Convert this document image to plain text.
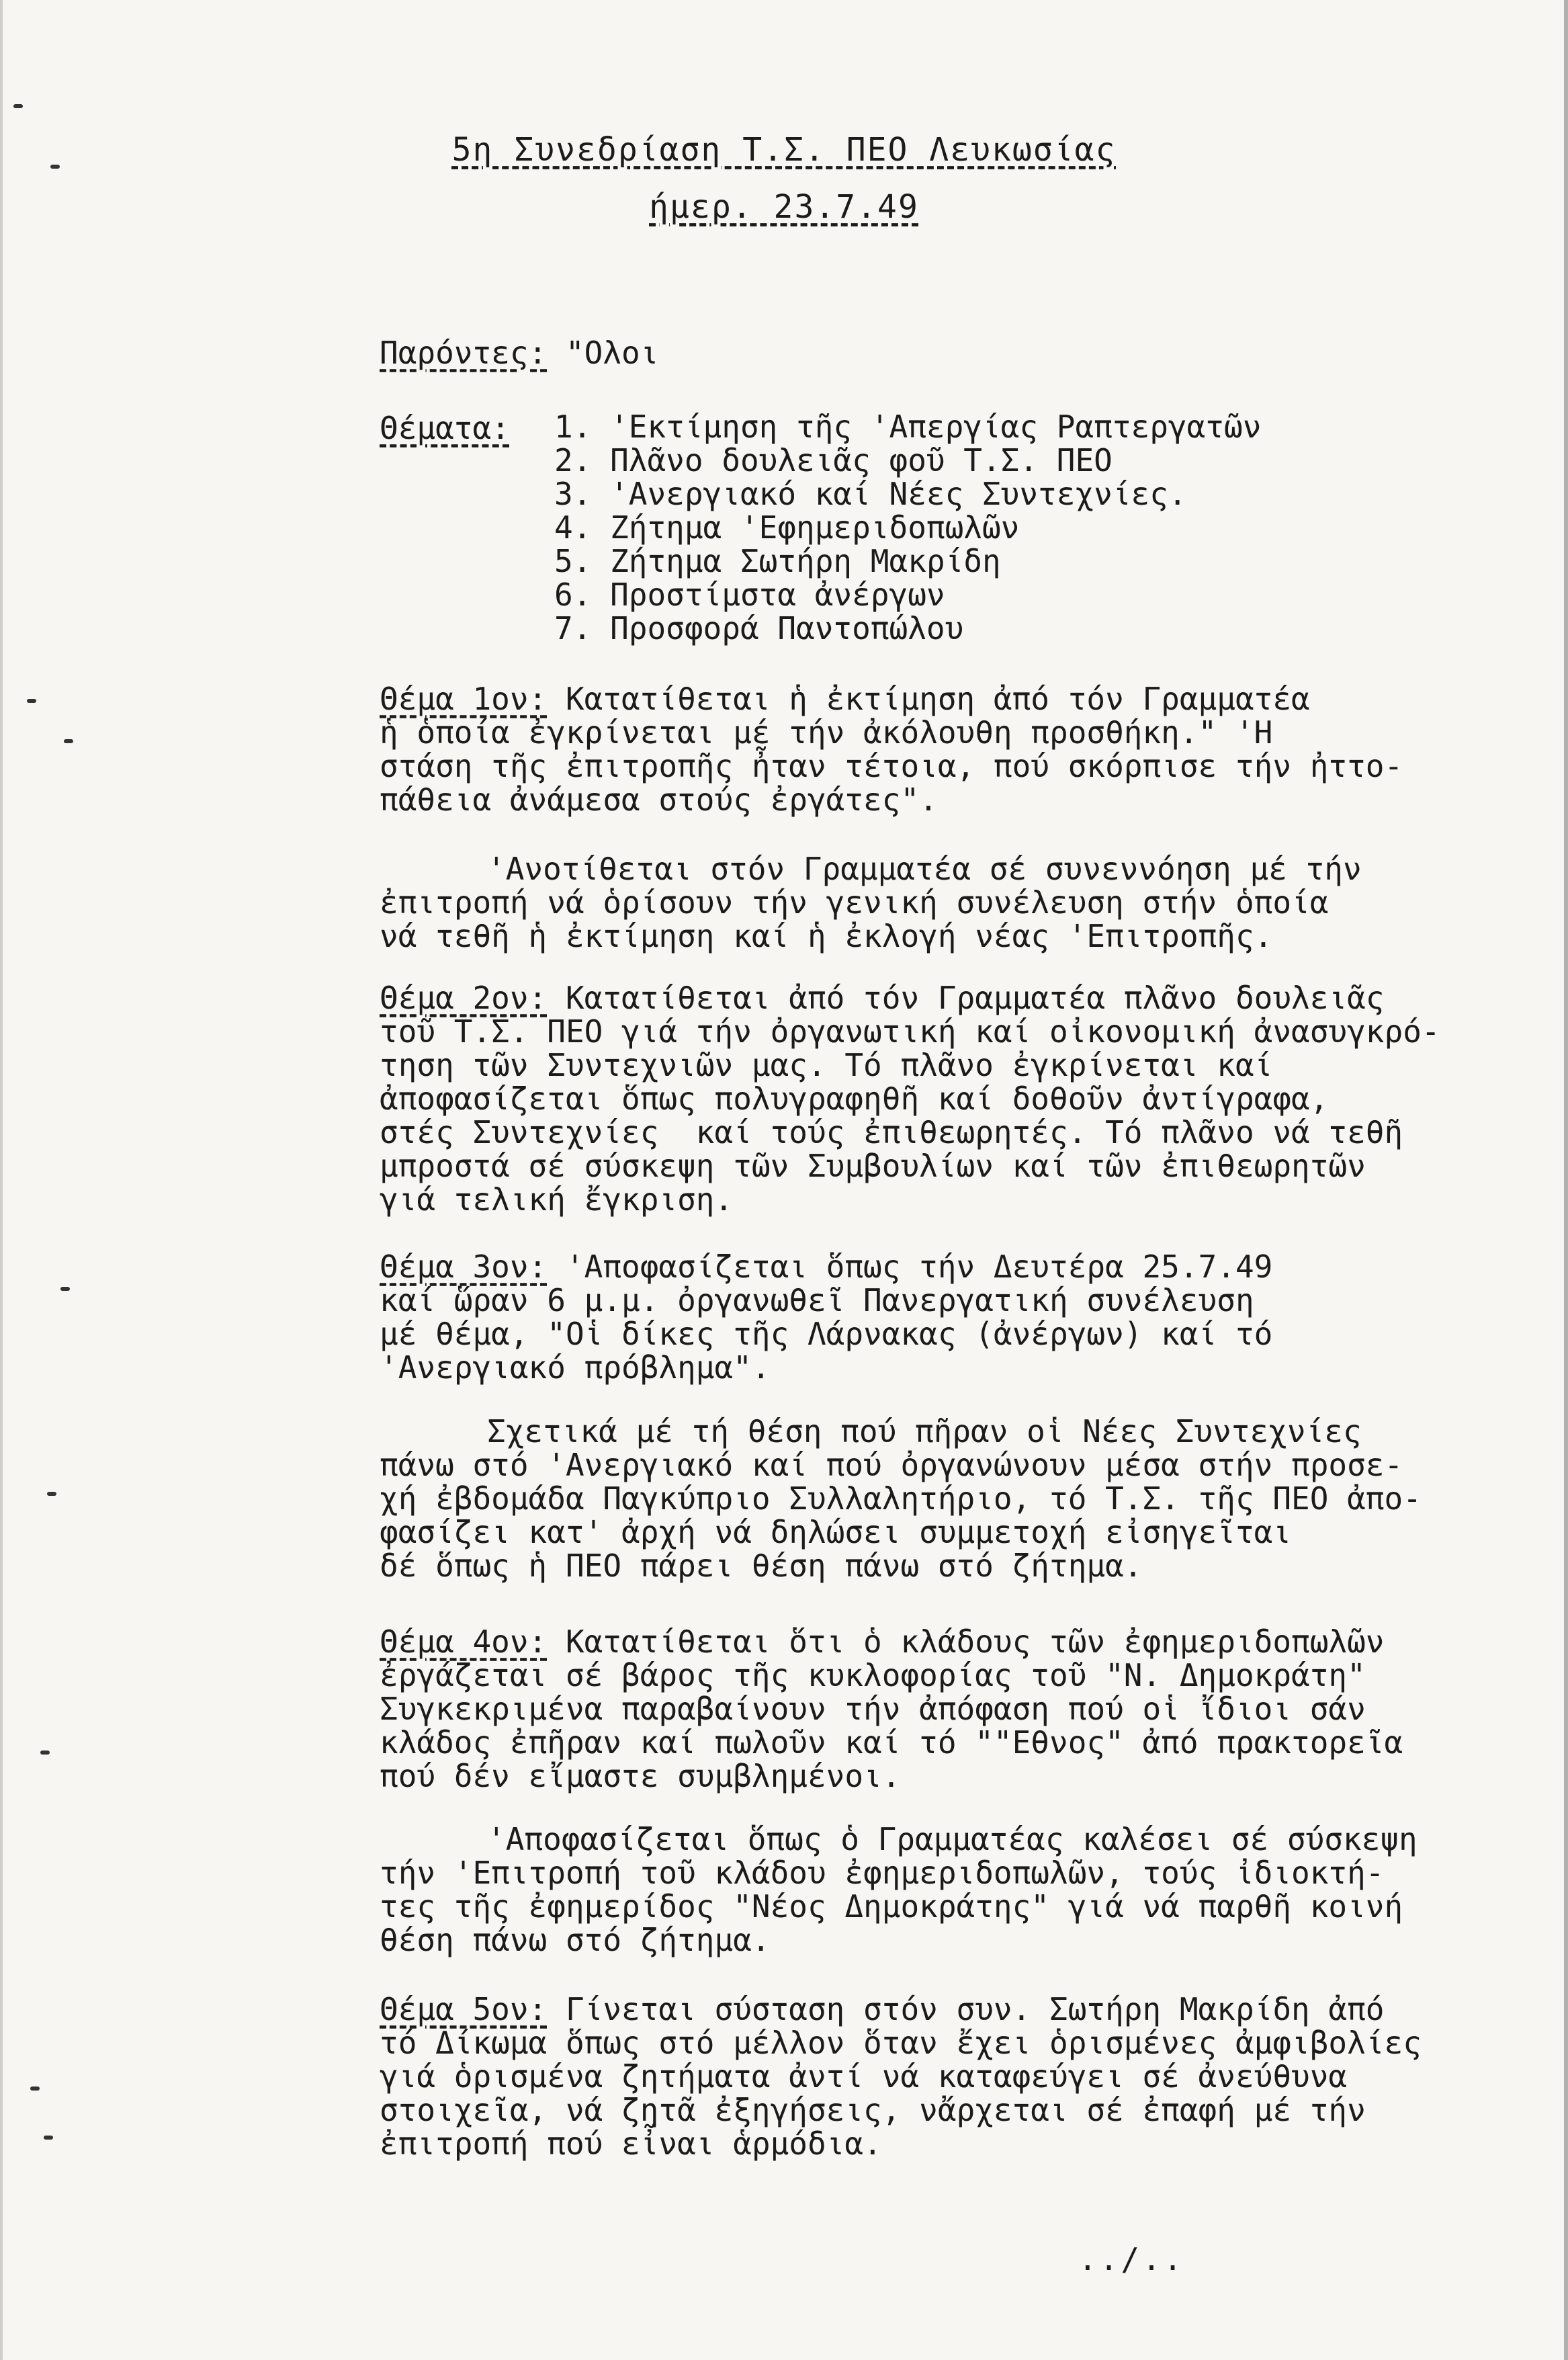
5η Συνεδρίαση Τ.Σ. ΠΕΟ Λευκωσίας
ήμερ. 23.7.49
Παρόντες: "Ολοι
Θέματα: 1. 'Εκτίμηση τῆς 'Απεργίας Ραπτεργατῶν
2. Πλᾶνο δουλειᾶς φοῦ Τ.Σ. ΠΕΟ
3. 'Ανεργιακό καί Νέες Συντεχνίες.
4. Ζήτημα 'Εφημεριδοπωλῶν
5. Ζήτημα Σωτήρη Μακρίδη
6. Προστίμστα ἀνέργων
7. Προσφορά Παντοπώλου
Θέμα 1ον: Κατατίθεται ἡ ἐκτίμηση ἀπό τόν Γραμματέα
ἡ ὁποία ἐγκρίνεται μέ τήν ἀκόλουθη προσθήκη." 'Η
στάση τῆς ἐπιτροπῆς ἦταν τέτοια, πού σκόρπισε τήν ἠττο-
πάθεια ἀνάμεσα στούς ἐργάτες".
'Ανοτίθεται στόν Γραμματέα σέ συνεννόηση μέ τήν
ἐπιτροπή νά ὁρίσουν τήν γενική συνέλευση στήν ὁποία
νά τεθῆ ἡ ἐκτίμηση καί ἡ ἐκλογή νέας 'Επιτροπῆς.
Θέμα 2ον: Κατατίθεται ἀπό τόν Γραμματέα πλᾶνο δουλειᾶς
τοῦ Τ.Σ. ΠΕΟ γιά τήν ὀργανωτική καί οἰκονομική ἀνασυγκρό-
τηση τῶν Συντεχνιῶν μας. Τό πλᾶνο ἐγκρίνεται καί
ἀποφασίζεται ὅπως πολυγραφηθῆ καί δοθοῦν ἀντίγραφα,
στές Συντεχνίες  καί τούς ἐπιθεωρητές. Τό πλᾶνο νά τεθῆ
μπροστά σέ σύσκεψη τῶν Συμβουλίων καί τῶν ἐπιθεωρητῶν
γιά τελική ἔγκριση.
Θέμα 3ον: 'Αποφασίζεται ὅπως τήν Δευτέρα 25.7.49
καί ὥραν 6 μ.μ. ὀργανωθεῖ Πανεργατική συνέλευση
μέ θέμα, "Οἱ δίκες τῆς Λάρνακας (ἀνέργων) καί τό
'Ανεργιακό πρόβλημα".
Σχετικά μέ τή θέση πού πῆραν οἱ Νέες Συντεχνίες
πάνω στό 'Ανεργιακό καί πού ὀργανώνουν μέσα στήν προσε-
χή ἐβδομάδα Παγκύπριο Συλλαλητήριο, τό Τ.Σ. τῆς ΠΕΟ ἀπο-
φασίζει κατ' ἀρχή νά δηλώσει συμμετοχή εἰσηγεῖται
δέ ὅπως ἡ ΠΕΟ πάρει θέση πάνω στό ζήτημα.
Θέμα 4ον: Κατατίθεται ὅτι ὁ κλάδους τῶν ἐφημεριδοπωλῶν
ἐργάζεται σέ βάρος τῆς κυκλοφορίας τοῦ "Ν. Δημοκράτη"
Συγκεκριμένα παραβαίνουν τήν ἀπόφαση πού οἱ ἴδιοι σάν
κλάδος ἐπῆραν καί πωλοῦν καί τό ""Εθνος" ἀπό πρακτορεῖα
πού δέν εἴμαστε συμβλημένοι.
'Αποφασίζεται ὅπως ὁ Γραμματέας καλέσει σέ σύσκεψη
τήν 'Επιτροπή τοῦ κλάδου ἐφημεριδοπωλῶν, τούς ἰδιοκτή-
τες τῆς ἐφημερίδος "Νέος Δημοκράτης" γιά νά παρθῆ κοινή
θέση πάνω στό ζήτημα.
Θέμα 5ον: Γίνεται σύσταση στόν συν. Σωτήρη Μακρίδη ἀπό
τό Δίκωμα ὅπως στό μέλλον ὅταν ἔχει ὁρισμένες ἀμφιβολίες
γιά ὁρισμένα ζητήματα ἀντί νά καταφεύγει σέ ἀνεύθυνα
στοιχεῖα, νά ζητᾶ ἐξηγήσεις, νἄρχεται σέ ἐπαφή μέ τήν
ἐπιτροπή πού εἶναι ἁρμόδια.
../..
